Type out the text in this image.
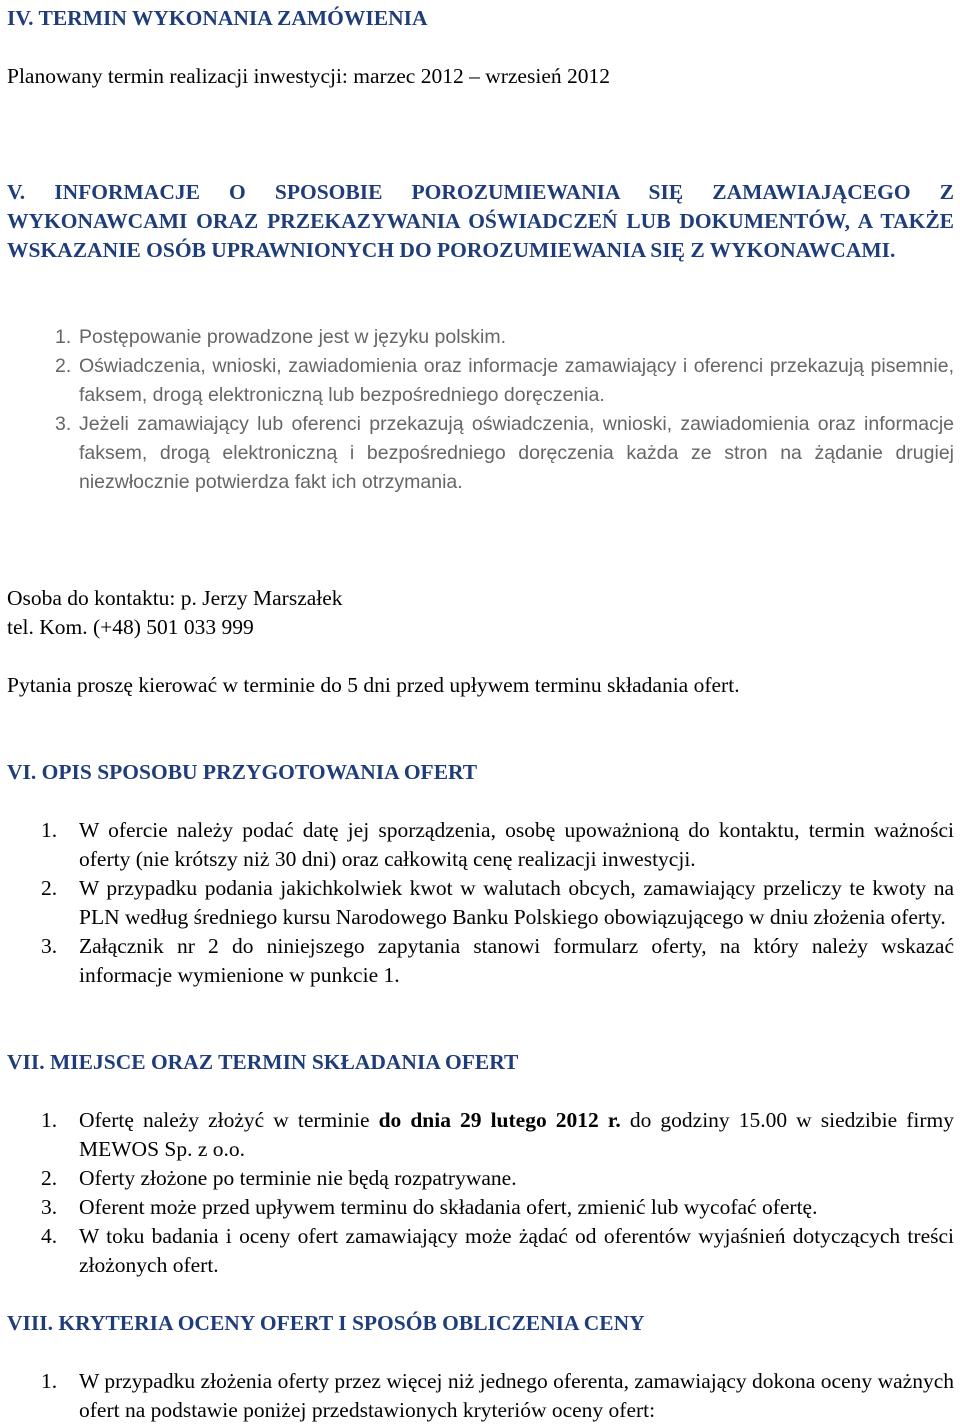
IV. TERMIN WYKONANIA ZAMÓWIENIA

Planowany termin realizacji inwestycji: marzec 2012 – wrzesień 2012

V. INFORMACJE O SPOSOBIE POROZUMIEWANIA SIĘ ZAMAWIAJĄCEGO Z WYKONAWCAMI ORAZ PRZEKAZYWANIA OŚWIADCZEŃ LUB DOKUMENTÓW, A TAKŻE WSKAZANIE OSÓB UPRAWNIONYCH DO POROZUMIEWANIA SIĘ Z WYKONAWCAMI.
1. Postępowanie prowadzone jest w języku polskim.
2. Oświadczenia, wnioski, zawiadomienia oraz informacje zamawiający i oferenci przekazują pisemnie, faksem, drogą elektroniczną lub bezpośredniego doręczenia.
3. Jeżeli zamawiający lub oferenci przekazują oświadczenia, wnioski, zawiadomienia oraz informacje faksem, drogą elektroniczną i bezpośredniego doręczenia każda ze stron na żądanie drugiej niezwłocznie potwierdza fakt ich otrzymania.

Osoba do kontaktu: p. Jerzy Marszałek

tel. Kom. (+48) 501 033 999

Pytania proszę kierować w terminie do 5 dni przed upływem terminu składania ofert.

VI. OPIS SPOSOBU PRZYGOTOWANIA OFERT
1. W ofercie należy podać datę jej sporządzenia, osobę upoważnioną do kontaktu, termin ważności oferty (nie krótszy niż 30 dni) oraz całkowitą cenę realizacji inwestycji.
2. W przypadku podania jakichkolwiek kwot w walutach obcych, zamawiający przeliczy te kwoty na PLN według średniego kursu Narodowego Banku Polskiego obowiązującego w dniu złożenia oferty.
3. Załącznik nr 2 do niniejszego zapytania stanowi formularz oferty, na który należy wskazać informacje wymienione w punkcie 1.
VII. MIEJSCE ORAZ TERMIN SKŁADANIA OFERT
1. Ofertę należy złożyć w terminie do dnia 29 lutego 2012 r. do godziny 15.00 w siedzibie firmy MEWOS Sp. z o.o.
2. Oferty złożone po terminie nie będą rozpatrywane.
3. Oferent może przed upływem terminu do składania ofert, zmienić lub wycofać ofertę.
4. W toku badania i oceny ofert zamawiający może żądać od oferentów wyjaśnień dotyczących treści złożonych ofert.
VIII. KRYTERIA OCENY OFERT I SPOSÓB OBLICZENIA CENY
1. W przypadku złożenia oferty przez więcej niż jednego oferenta, zamawiający dokona oceny ważnych ofert na podstawie poniżej przedstawionych kryteriów oceny ofert:
